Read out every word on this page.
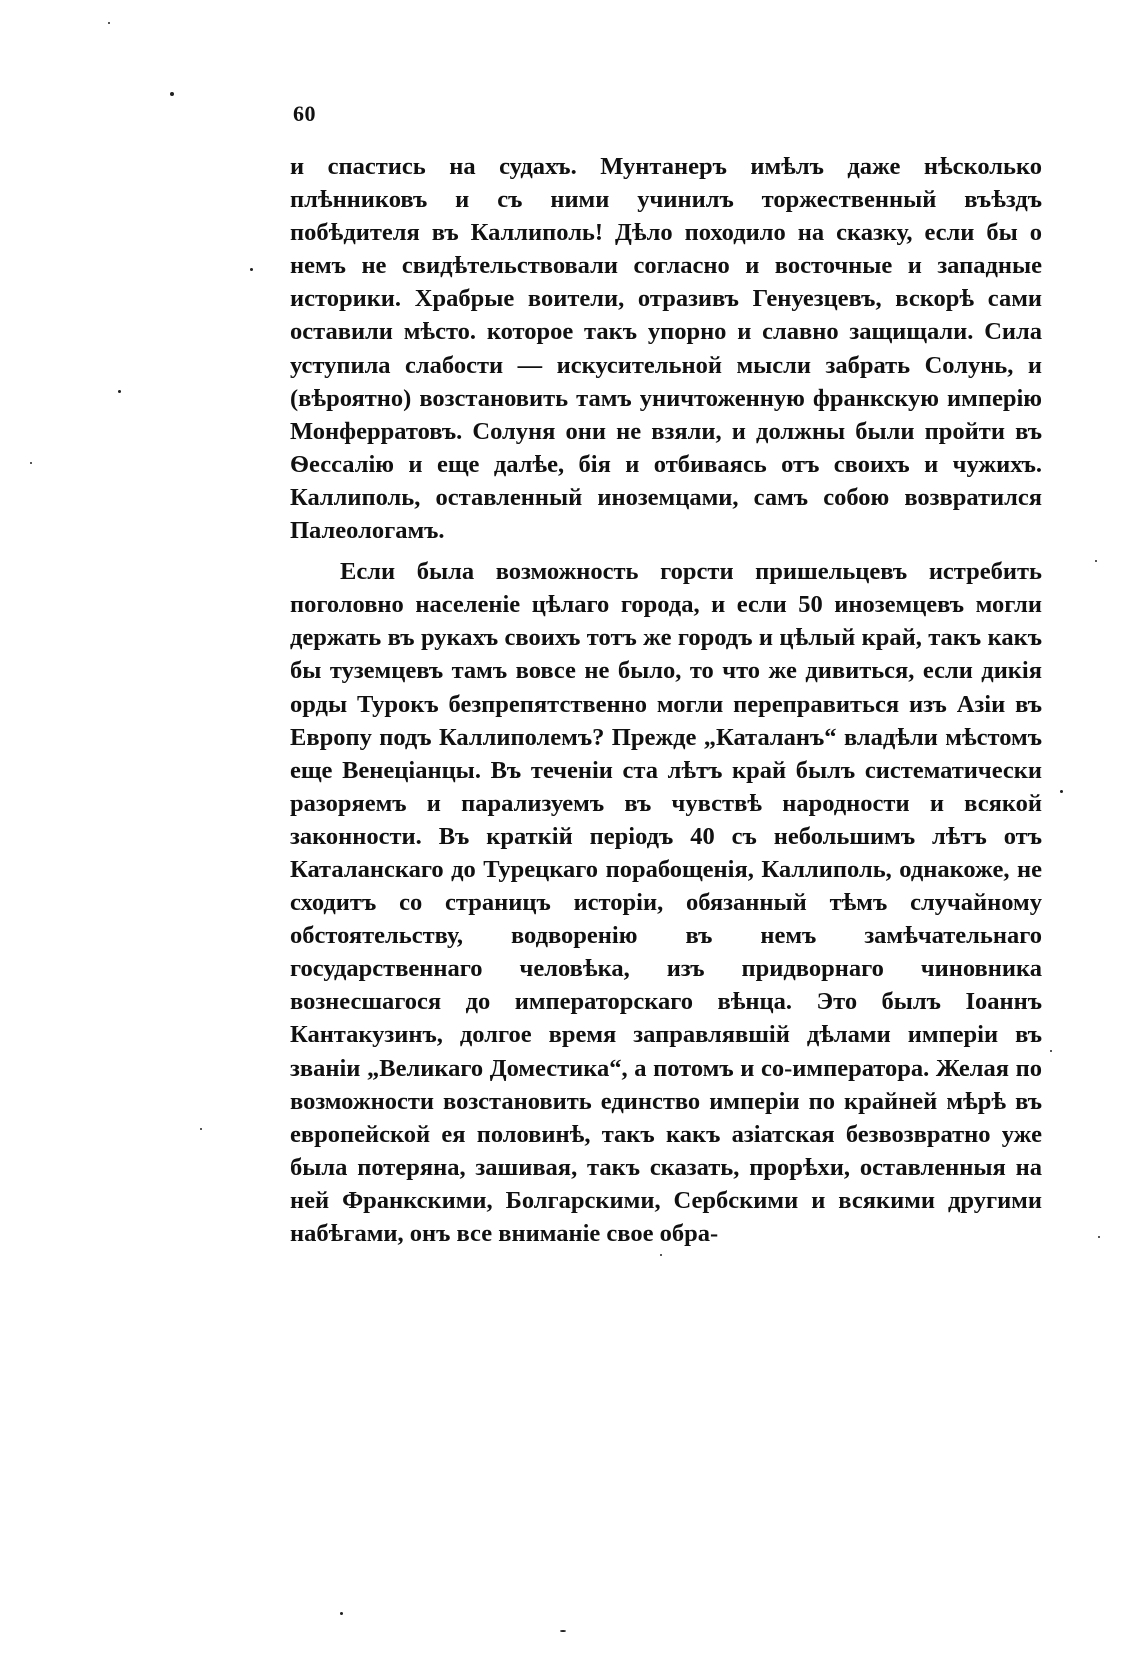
60

и спастись на судахъ. Мунтанеръ имѣлъ даже нѣсколько плѣнниковъ и съ ними учинилъ торжественный въѣздъ побѣдителя въ Каллиполь! Дѣло походило на сказку, если бы о немъ не свидѣтельствовали согласно и восточные и западные историки. Храбрые воители, отразивъ Генуезцевъ, вскорѣ сами оставили мѣсто. которое такъ упорно и славно защищали. Сила уступила слабости — искусительной мысли забрать Солунь, и (вѣроятно) возстановить тамъ уничтоженную франкскую имперію Монферратовъ. Солуня они не взяли, и должны были пройти въ Ѳессалію и еще далѣе, бія и отбиваясь отъ своихъ и чужихъ. Каллиполь, оставленный иноземцами, самъ собою возвратился Палеологамъ.

Если была возможность горсти пришельцевъ истребить поголовно населеніе цѣлаго города, и если 50 иноземцевъ могли держать въ рукахъ своихъ тотъ же городъ и цѣлый край, такъ какъ бы туземцевъ тамъ вовсе не было, то что же дивиться, если дикія орды Турокъ безпрепятственно могли переправиться изъ Азіи въ Европу подъ Каллиполемъ? Прежде „Каталанъ“ владѣли мѣстомъ еще Венеціанцы. Въ теченіи ста лѣтъ край былъ систематически разоряемъ и парализуемъ въ чувствѣ народности и всякой законности. Въ краткій періодъ 40 съ небольшимъ лѣтъ отъ Каталанскаго до Турецкаго порабощенія, Каллиполь, однакоже, не сходитъ со страницъ исторіи, обязанный тѣмъ случайному обстоятельству, водворенію въ немъ замѣчательнаго государственнаго человѣка, изъ придворнаго чиновника вознесшагося до императорскаго вѣнца. Это былъ Іоаннъ Кантакузинъ, долгое время заправлявшій дѣлами имперіи въ званіи „Великаго Доместика“, а потомъ и со-императора. Желая по возможности возстановить единство имперіи по крайней мѣрѣ въ европейской ея половинѣ, такъ какъ азіатская безвозвратно уже была потеряна, зашивая, такъ сказать, прорѣхи, оставленныя на ней Франкскими, Болгарскими, Сербскими и всякими другими набѣгами, онъ все вниманіе свое обра-
